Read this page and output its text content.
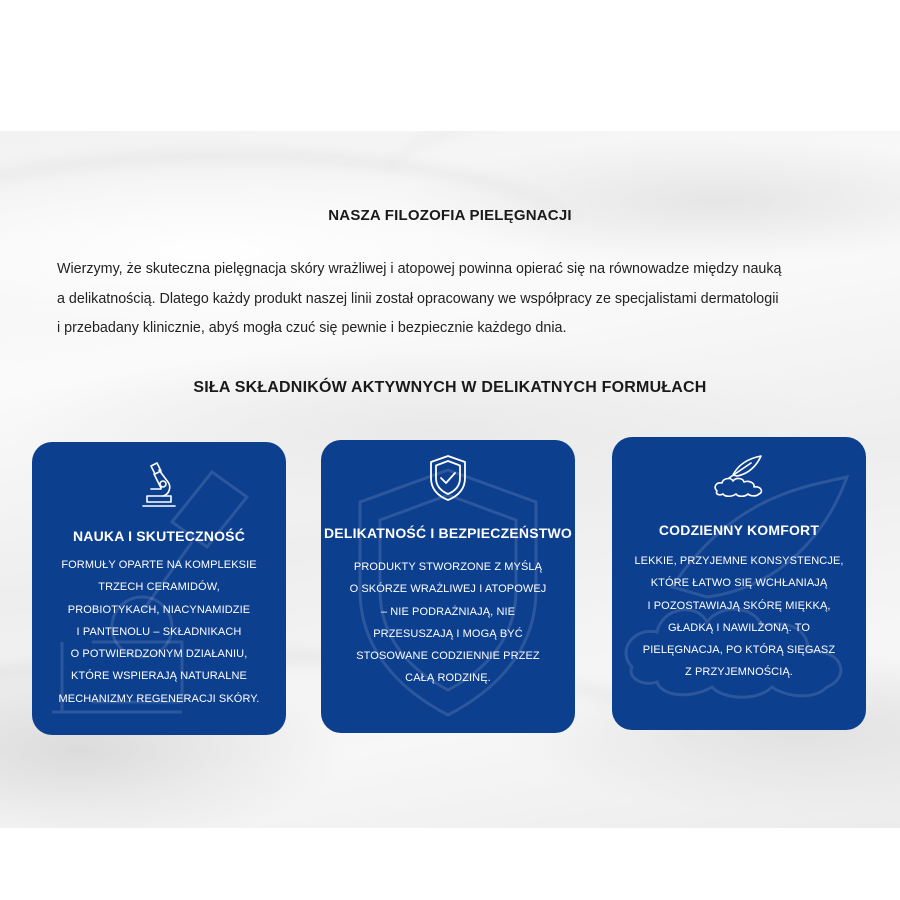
NASZA FILOZOFIA PIELĘGNACJI
Wierzymy, że skuteczna pielęgnacja skóry wrażliwej i atopowej powinna opierać się na równowadze między nauką
a delikatnością. Dlatego każdy produkt naszej linii został opracowany we współpracy ze specjalistami dermatologii
i przebadany klinicznie, abyś mogła czuć się pewnie i bezpiecznie każdego dnia.
SIŁA SKŁADNIKÓW AKTYWNYCH W DELIKATNYCH FORMUŁACH
NAUKA I SKUTECZNOŚĆ
FORMUŁY OPARTE NA KOMPLEKSIE
TRZECH CERAMIDÓW,
PROBIOTYKACH, NIACYNAMIDZIE
I PANTENOLU – SKŁADNIKACH
O POTWIERDZONYM DZIAŁANIU,
KTÓRE WSPIERAJĄ NATURALNE
MECHANIZMY REGENERACJI SKÓRY.
DELIKATNOŚĆ I BEZPIECZEŃSTWO
PRODUKTY STWORZONE Z MYŚLĄ
O SKÓRZE WRAŻLIWEJ I ATOPOWEJ
– NIE PODRAŻNIAJĄ, NIE
PRZESUSZAJĄ I MOGĄ BYĆ
STOSOWANE CODZIENNIE PRZEZ
CAŁĄ RODZINĘ.
CODZIENNY KOMFORT
LEKKIE, PRZYJEMNE KONSYSTENCJE,
KTÓRE ŁATWO SIĘ WCHŁANIAJĄ
I POZOSTAWIAJĄ SKÓRĘ MIĘKKĄ,
GŁADKĄ I NAWILŻONĄ. TO
PIELĘGNACJA, PO KTÓRĄ SIĘGASZ
Z PRZYJEMNOŚCIĄ.
